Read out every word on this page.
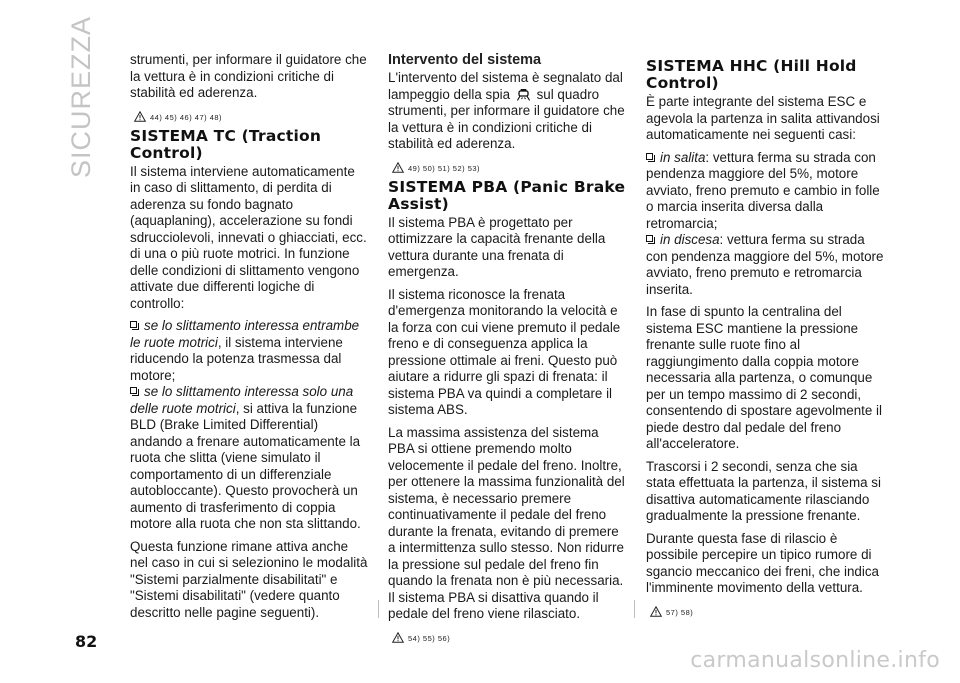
SICUREZZA	strumenti, per informare il guidatore che la vettura è in condizioni critiche di stabilità ed aderenza.

44) 45) 46) 47) 48)
SISTEMA TC (Traction Control)

Il sistema interviene automaticamente in caso di slittamento, di perdita di aderenza su fondo bagnato (aquaplaning), accelerazione su fondi sdrucciolevoli, innevati o ghiacciati, ecc. di una o più ruote motrici. In funzione delle condizioni di slittamento vengono attivate due differenti logiche di controllo:

se lo slittamento interessa entrambe le ruote motrici, il sistema interviene riducendo la potenza trasmessa dal motore;

se lo slittamento interessa solo una delle ruote motrici, si attiva la funzione BLD (Brake Limited Differential) andando a frenare automaticamente la ruota che slitta (viene simulato il comportamento di un differenziale autobloccante). Questo provocherà un aumento di trasferimento di coppia motore alla ruota che non sta slittando.

Questa funzione rimane attiva anche nel caso in cui si selezionino le modalità "Sistemi parzialmente disabilitati" e "Sistemi disabilitati" (vedere quanto descritto nelle pagine seguenti).

Intervento del sistema

L'intervento del sistema è segnalato dal lampeggio della spia sul quadro strumenti, per informare il guidatore che la vettura è in condizioni critiche di stabilità ed aderenza.

49) 50) 51) 52) 53)
SISTEMA PBA (Panic Brake Assist)

Il sistema PBA è progettato per ottimizzare la capacità frenante della vettura durante una frenata di emergenza.

Il sistema riconosce la frenata d'emergenza monitorando la velocità e la forza con cui viene premuto il pedale freno e di conseguenza applica la pressione ottimale ai freni. Questo può aiutare a ridurre gli spazi di frenata: il sistema PBA va quindi a completare il sistema ABS.

La massima assistenza del sistema PBA si ottiene premendo molto velocemente il pedale del freno. Inoltre, per ottenere la massima funzionalità del sistema, è necessario premere continuativamente il pedale del freno durante la frenata, evitando di premere a intermittenza sullo stesso. Non ridurre la pressione sul pedale del freno fin quando la frenata non è più necessaria. Il sistema PBA si disattiva quando il pedale del freno viene rilasciato.

54) 55) 56)
SISTEMA HHC (Hill Hold Control)

È parte integrante del sistema ESC e agevola la partenza in salita attivandosi automaticamente nei seguenti casi:

in salita: vettura ferma su strada con pendenza maggiore del 5%, motore avviato, freno premuto e cambio in folle o marcia inserita diversa dalla retromarcia;

in discesa: vettura ferma su strada con pendenza maggiore del 5%, motore avviato, freno premuto e retromarcia inserita.

In fase di spunto la centralina del sistema ESC mantiene la pressione frenante sulle ruote fino al raggiungimento dalla coppia motore necessaria alla partenza, o comunque per un tempo massimo di 2 secondi, consentendo di spostare agevolmente il piede destro dal pedale del freno all'acceleratore.

Trascorsi i 2 secondi, senza che sia stata effettuata la partenza, il sistema si disattiva automaticamente rilasciando gradualmente la pressione frenante.

Durante questa fase di rilascio è possibile percepire un tipico rumore di sgancio meccanico dei freni, che indica l'imminente movimento della vettura.

57) 58)
82
carmanualsonline.info
